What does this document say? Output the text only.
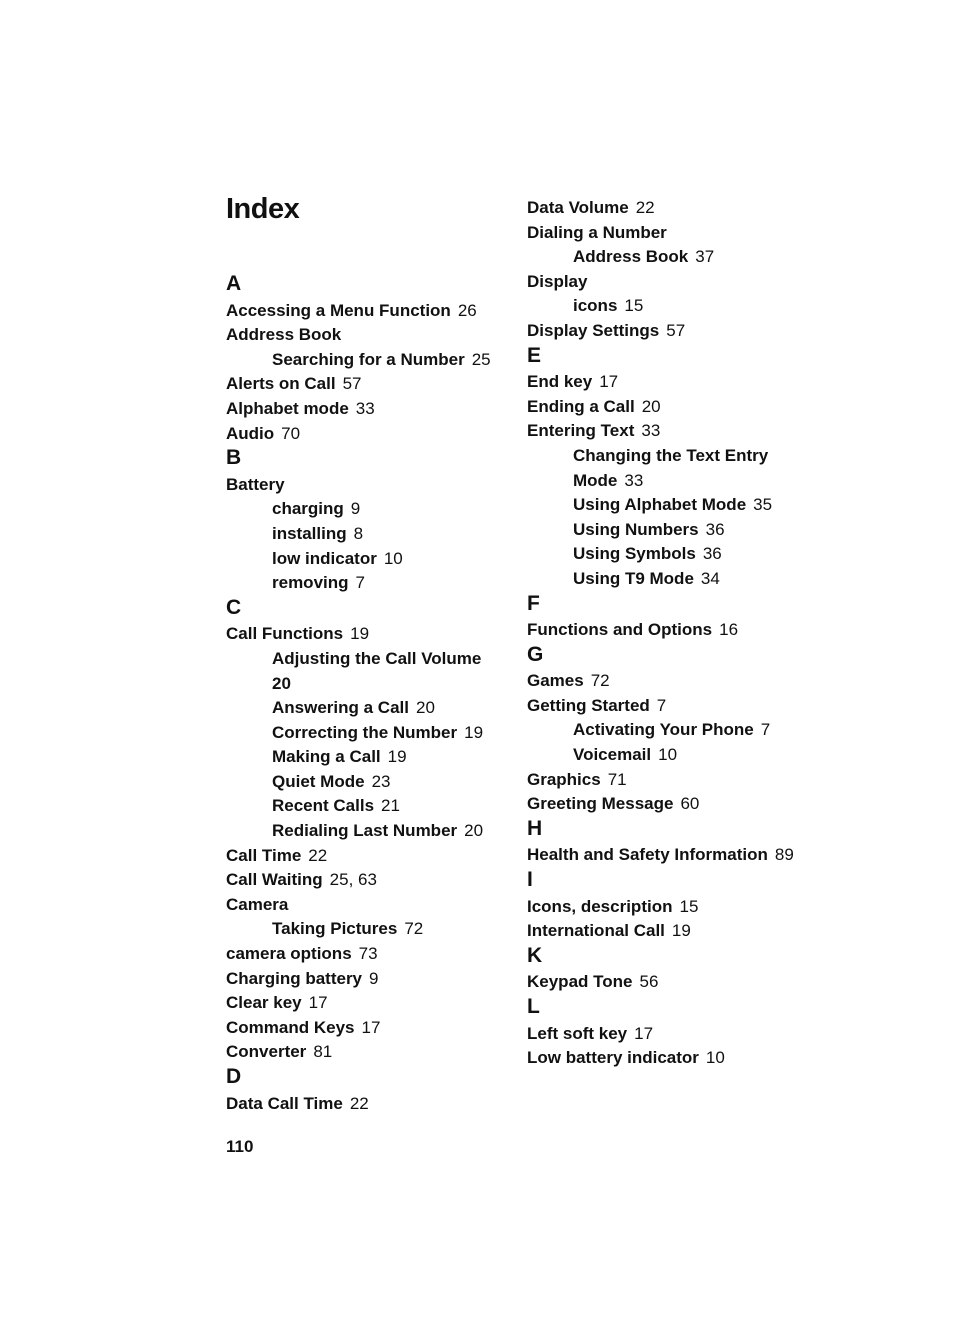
Index
A
Accessing a Menu Function 26
Address Book
Searching for a Number 25
Alerts on Call 57
Alphabet mode 33
Audio 70
B
Battery
charging 9
installing 8
low indicator 10
removing 7
C
Call Functions 19
Adjusting the Call Volume
20
Answering a Call 20
Correcting the Number 19
Making a Call 19
Quiet Mode 23
Recent Calls 21
Redialing Last Number 20
Call Time 22
Call Waiting 25, 63
Camera
Taking Pictures 72
camera options 73
Charging battery 9
Clear key 17
Command Keys 17
Converter 81
D
Data Call Time 22
Data Volume 22
Dialing a Number
Address Book 37
Display
icons 15
Display Settings 57
E
End key 17
Ending a Call 20
Entering Text 33
Changing the Text Entry
Mode 33
Using Alphabet Mode 35
Using Numbers 36
Using Symbols 36
Using T9 Mode 34
F
Functions and Options 16
G
Games 72
Getting Started 7
Activating Your Phone 7
Voicemail 10
Graphics 71
Greeting Message 60
H
Health and Safety Information 89
I
Icons, description 15
International Call 19
K
Keypad Tone 56
L
Left soft key 17
Low battery indicator 10
110
